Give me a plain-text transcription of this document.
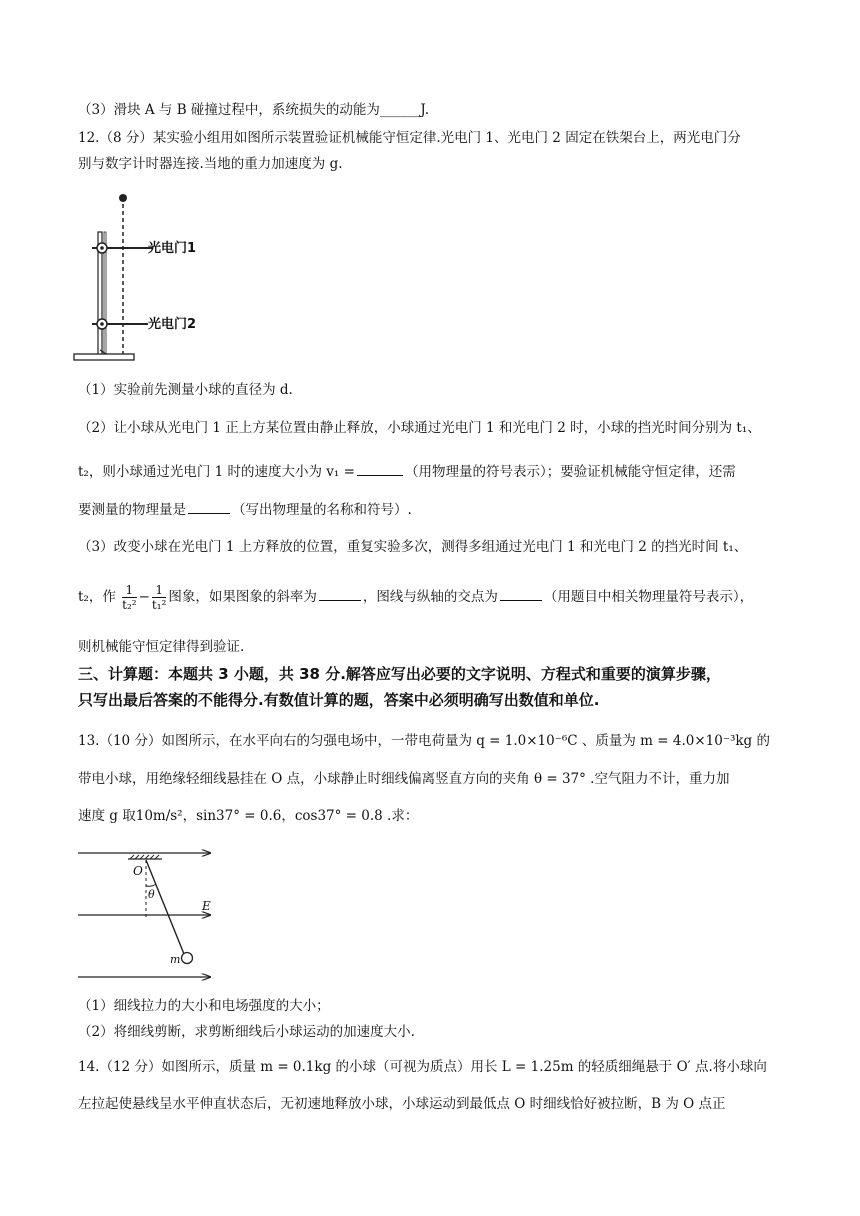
（3）滑块 A 与 B 碰撞过程中，系统损失的动能为______J.
12.（8 分）某实验小组用如图所示装置验证机械能守恒定律.光电门 1、光电门 2 固定在铁架台上，两光电门分
别与数字计时器连接.当地的重力加速度为 g.
光电门1
光电门2
（1）实验前先测量小球的直径为 d.
（2）让小球从光电门 1 正上方某位置由静止释放，小球通过光电门 1 和光电门 2 时，小球的挡光时间分别为 t₁、
t₂，则小球通过光电门 1 时的速度大小为 v₁ =	（用物理量的符号表示）；要验证机械能守恒定律，还需
要测量的物理量是	（写出物理量的名称和符号）.
（3）改变小球在光电门 1 上方释放的位置，重复实验多次，测得多组通过光电门 1 和光电门 2 的挡光时间 t₁、
t₂，作 $\frac{1}{\text{t₂²}} - \frac{1}{\text{t₁²}}$ 图象，如果图象的斜率为	，图线与纵轴的交点为	（用题目中相关物理量符号表示），
则机械能守恒定律得到验证.
三、计算题：本题共 3 小题，共 38 分.解答应写出必要的文字说明、方程式和重要的演算步骤，
只写出最后答案的不能得分.有数值计算的题，答案中必须明确写出数值和单位.
13.（10 分）如图所示，在水平向右的匀强电场中，一带电荷量为 q = 1.0×10⁻⁶C 、质量为 m = 4.0×10⁻³kg 的
带电小球，用绝缘轻细线悬挂在 O 点，小球静止时细线偏离竖直方向的夹角 θ = 37° .空气阻力不计，重力加
速度 g 取10m/s²，sin37° = 0.6，cos37° = 0.8 .求：
O
θ
E
m
（1）细线拉力的大小和电场强度的大小；
（2）将细线剪断，求剪断细线后小球运动的加速度大小.
14.（12 分）如图所示，质量 m = 0.1kg 的小球（可视为质点）用长 L = 1.25m 的轻质细绳悬于 O′ 点.将小球向
左拉起使悬线呈水平伸直状态后，无初速地释放小球，小球运动到最低点 O 时细线恰好被拉断，B 为 O 点正
